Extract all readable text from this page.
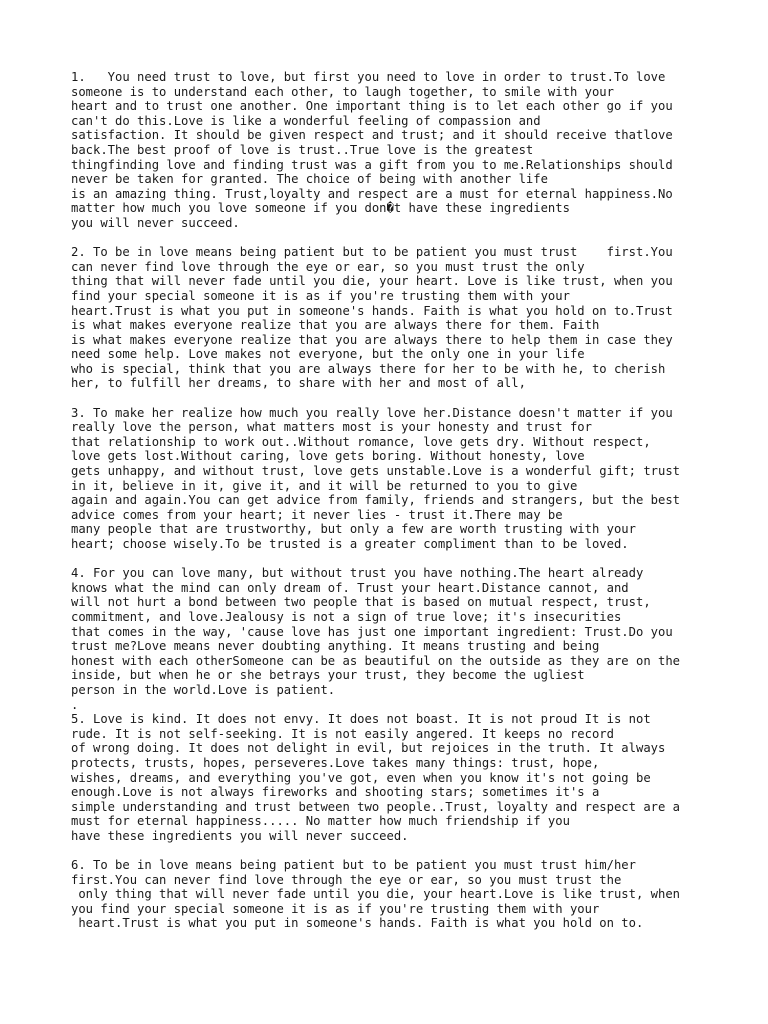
1.   You need trust to love, but first you need to love in order to trust.To love
someone is to understand each other, to laugh together, to smile with your
heart and to trust one another. One important thing is to let each other go if you
can't do this.Love is like a wonderful feeling of compassion and
satisfaction. It should be given respect and trust; and it should receive thatlove
back.The best proof of love is trust..True love is the greatest
thingfinding love and finding trust was a gift from you to me.Relationships should
never be taken for granted. The choice of being with another life
is an amazing thing. Trust,loyalty and respect are a must for eternal happiness.No
matter how much you love someone if you don�t have these ingredients
you will never succeed.
2. To be in love means being patient but to be patient you must trust    first.You
can never find love through the eye or ear, so you must trust the only
thing that will never fade until you die, your heart. Love is like trust, when you
find your special someone it is as if you're trusting them with your
heart.Trust is what you put in someone's hands. Faith is what you hold on to.Trust
is what makes everyone realize that you are always there for them. Faith
is what makes everyone realize that you are always there to help them in case they
need some help. Love makes not everyone, but the only one in your life
who is special, think that you are always there for her to be with he, to cherish
her, to fulfill her dreams, to share with her and most of all,
3. To make her realize how much you really love her.Distance doesn't matter if you
really love the person, what matters most is your honesty and trust for
that relationship to work out..Without romance, love gets dry. Without respect,
love gets lost.Without caring, love gets boring. Without honesty, love
gets unhappy, and without trust, love gets unstable.Love is a wonderful gift; trust
in it, believe in it, give it, and it will be returned to you to give
again and again.You can get advice from family, friends and strangers, but the best
advice comes from your heart; it never lies - trust it.There may be
many people that are trustworthy, but only a few are worth trusting with your
heart; choose wisely.To be trusted is a greater compliment than to be loved.
4. For you can love many, but without trust you have nothing.The heart already
knows what the mind can only dream of. Trust your heart.Distance cannot, and
will not hurt a bond between two people that is based on mutual respect, trust,
commitment, and love.Jealousy is not a sign of true love; it's insecurities
that comes in the way, 'cause love has just one important ingredient: Trust.Do you
trust me?Love means never doubting anything. It means trusting and being
honest with each otherSomeone can be as beautiful on the outside as they are on the
inside, but when he or she betrays your trust, they become the ugliest
person in the world.Love is patient.
.
5. Love is kind. It does not envy. It does not boast. It is not proud It is not
rude. It is not self-seeking. It is not easily angered. It keeps no record
of wrong doing. It does not delight in evil, but rejoices in the truth. It always
protects, trusts, hopes, perseveres.Love takes many things: trust, hope,
wishes, dreams, and everything you've got, even when you know it's not going be
enough.Love is not always fireworks and shooting stars; sometimes it's a
simple understanding and trust between two people..Trust, loyalty and respect are a
must for eternal happiness..... No matter how much friendship if you
have these ingredients you will never succeed.
6. To be in love means being patient but to be patient you must trust him/her
first.You can never find love through the eye or ear, so you must trust the
only thing that will never fade until you die, your heart.Love is like trust, when
you find your special someone it is as if you're trusting them with your
heart.Trust is what you put in someone's hands. Faith is what you hold on to.
